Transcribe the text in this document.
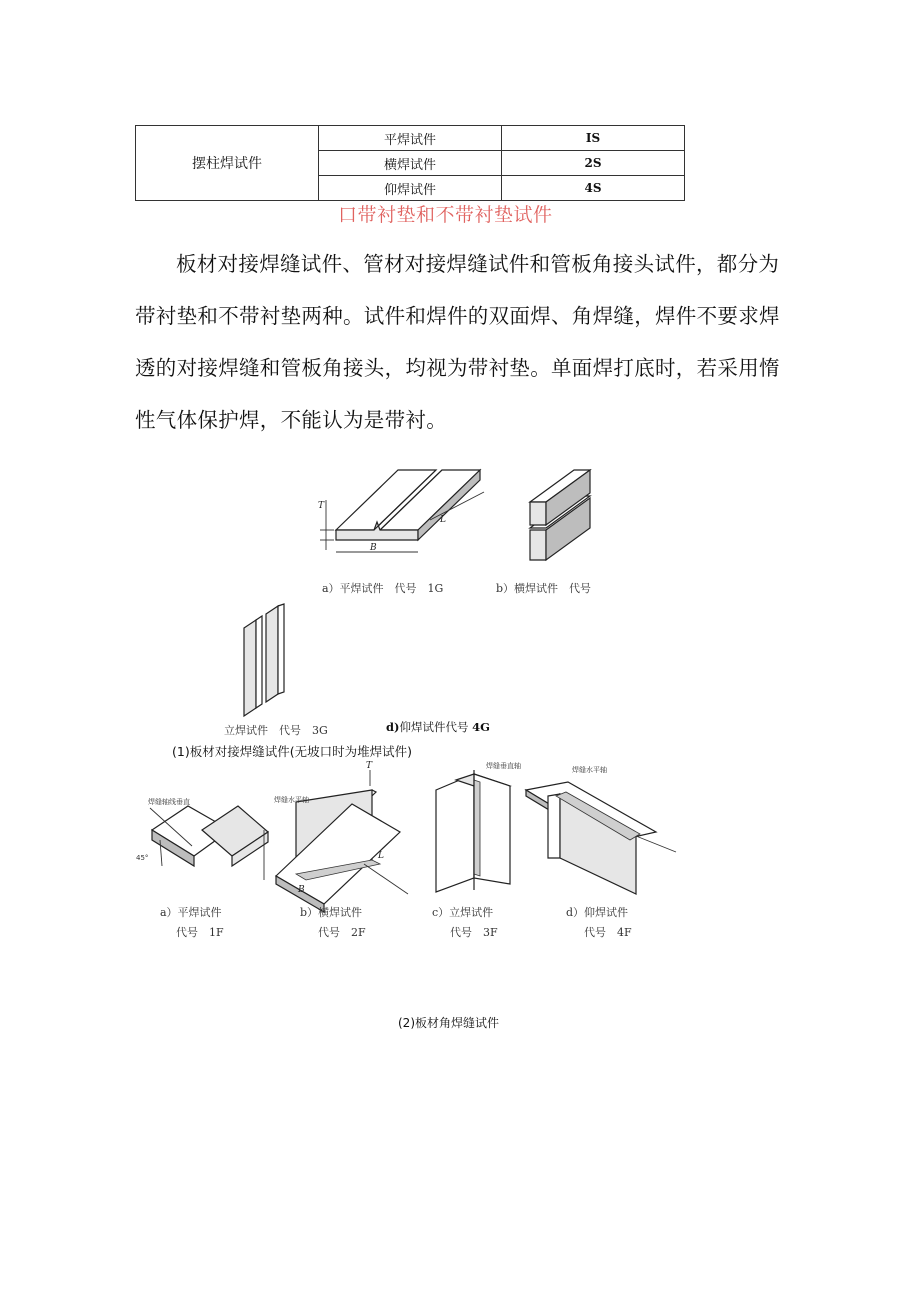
摆柱焊试件	平焊试件	IS
	横焊试件	2S
	仰焊试件	4S
口带衬垫和不带衬垫试件

板材对接焊缝试件、管材对接焊缝试件和管板角接头试件，都分为带衬垫和不带衬垫两种。试件和焊件的双面焊、角焊缝，焊件不要求焊透的对接焊缝和管板角接头，均视为带衬垫。单面焊打底时，若采用惰性气体保护焊，不能认为是带衬。

T
B
L
焊缝轴线垂直
45°
焊缝水平轴
T
L
B
焊缝垂直轴	焊缝水平轴
a）平焊试件　代号　1G	b）横焊试件　代号
立焊试件　代号　3G	d)仰焊试件代号 4G
(1)板材对接焊缝试件(无坡口时为堆焊试件)
a）平焊试件
代号　1F
b）横焊试件
代号　2F
c）立焊试件
代号　3F
d）仰焊试件
代号　4F
(2)板材角焊缝试件
